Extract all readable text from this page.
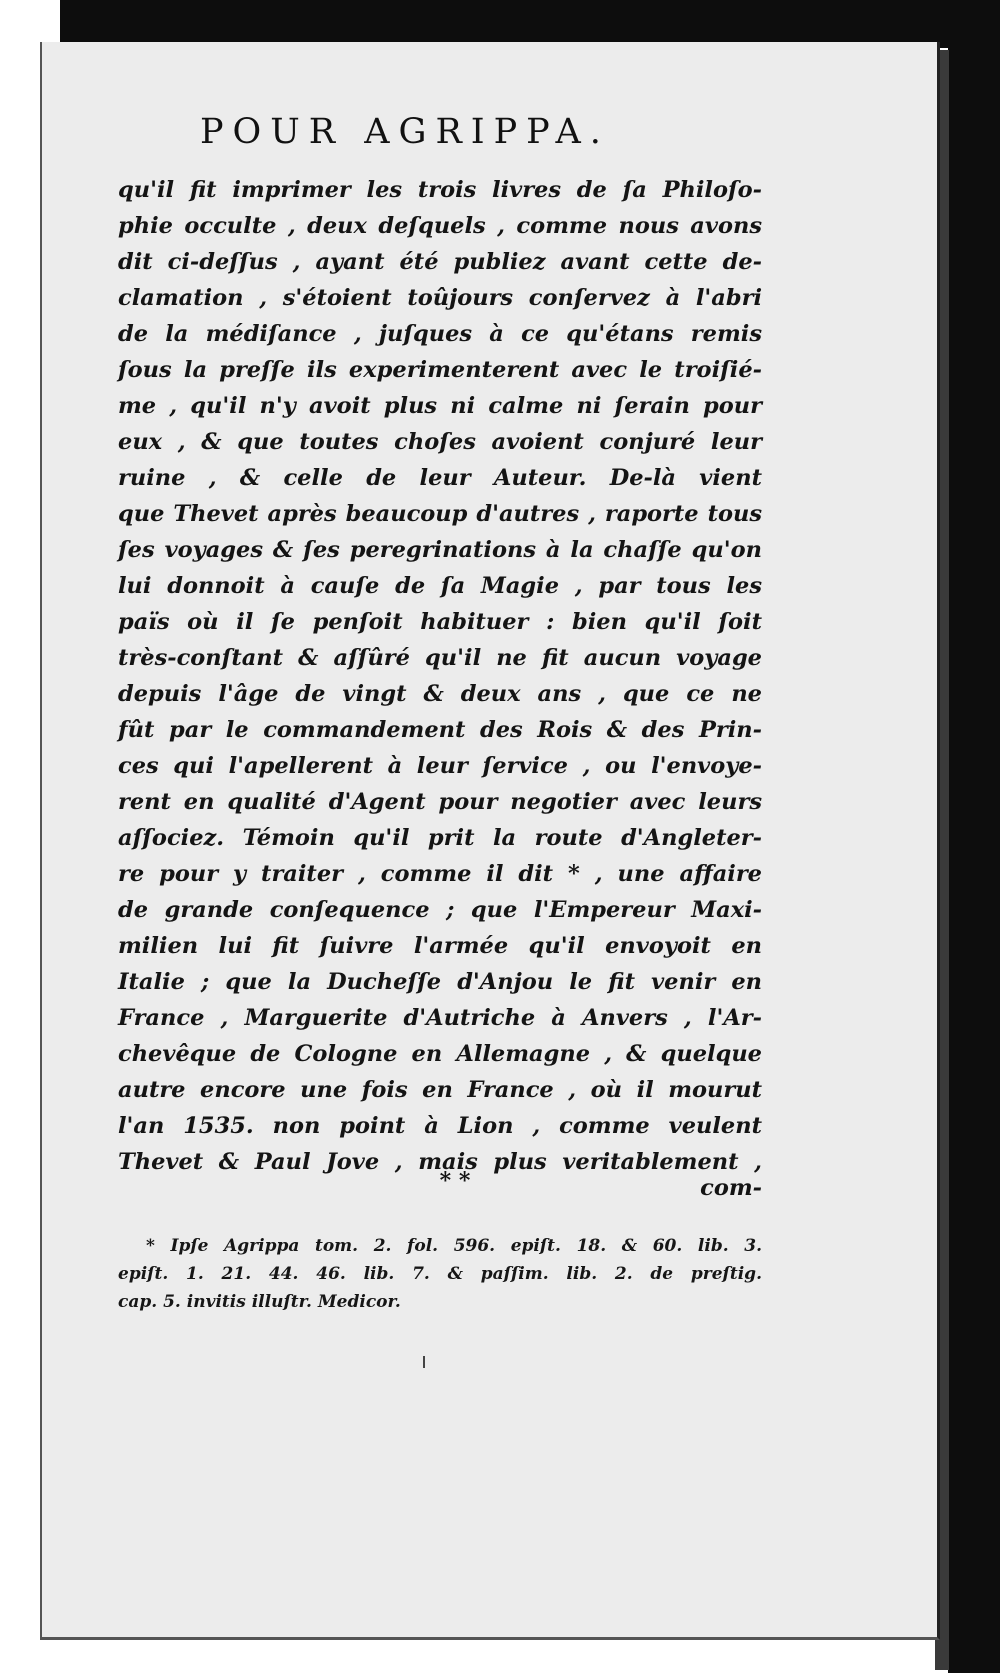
POUR AGRIPPA.
qu'il fit imprimer les trois livres de ſa Philoſo-
phie occulte , deux deſquels , comme nous avons
dit ci-deſſus , ayant été publiez avant cette de-
clamation , s'étoient toûjours conſervez à l'abri
de la médiſance , juſques à ce qu'étans remis
ſous la preſſe ils experimenterent avec le troiſié-
me , qu'il n'y avoit plus ni calme ni ſerain pour
eux , & que toutes choſes avoient conjuré leur
ruine , & celle de leur Auteur. De-là vient
que Thevet après beaucoup d'autres , raporte tous
ſes voyages & ſes peregrinations à la chaſſe qu'on
lui donnoit à cauſe de ſa Magie , par tous les
païs où il ſe penſoit habituer : bien qu'il ſoit
très-conſtant & aſſûré qu'il ne fit aucun voyage
depuis l'âge de vingt & deux ans , que ce ne
fût par le commandement des Rois & des Prin-
ces qui l'apellerent à leur ſervice , ou l'envoye-
rent en qualité d'Agent pour negotier avec leurs
aſſociez. Témoin qu'il prit la route d'Angleter-
re pour y traiter , comme il dit * , une affaire
de grande conſequence ; que l'Empereur Maxi-
milien lui fit ſuivre l'armée qu'il envoyoit en
Italie ; que la Ducheſſe d'Anjou le fit venir en
France , Marguerite d'Autriche à Anvers , l'Ar-
chevêque de Cologne en Allemagne , & quelque
autre encore une fois en France , où il mourut
l'an 1535. non point à Lion , comme veulent
Thevet & Paul Jove , mais plus veritablement ,
* *	com-
* Ipſe Agrippa tom. 2. fol. 596. epiſt. 18. & 60. lib. 3.
epiſt. 1. 21. 44. 46. lib. 7. & paſſim. lib. 2. de preſtig.
cap. 5. invitis illuſtr. Medicor.
